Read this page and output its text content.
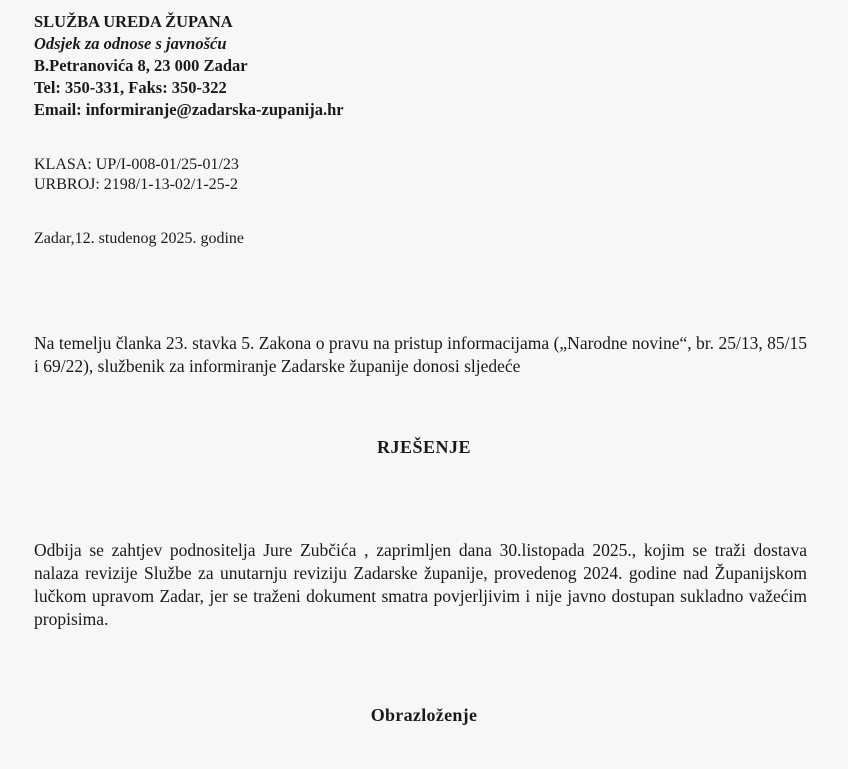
SLUŽBA UREDA ŽUPANA
Odsjek za odnose s javnošću
B.Petranovića 8, 23 000 Zadar
Tel: 350-331, Faks: 350-322
Email: informiranje@zadarska-zupanija.hr
KLASA: UP/I-008-01/25-01/23
URBROJ: 2198/1-13-02/1-25-2
Zadar,12. studenog 2025. godine
Na temelju članka 23. stavka 5. Zakona o pravu na pristup informacijama („Narodne novine“, br. 25/13, 85/15 i 69/22), službenik za informiranje Zadarske županije donosi sljedeće
RJEŠENJE
Odbija se zahtjev podnositelja Jure Zubčića , zaprimljen dana 30.listopada 2025., kojim se traži dostava nalaza revizije Službe za unutarnju reviziju Zadarske županije, provedenog 2024. godine nad Županijskom lučkom upravom Zadar, jer se traženi dokument smatra povjerljivim i nije javno dostupan sukladno važećim propisima.
Obrazloženje
